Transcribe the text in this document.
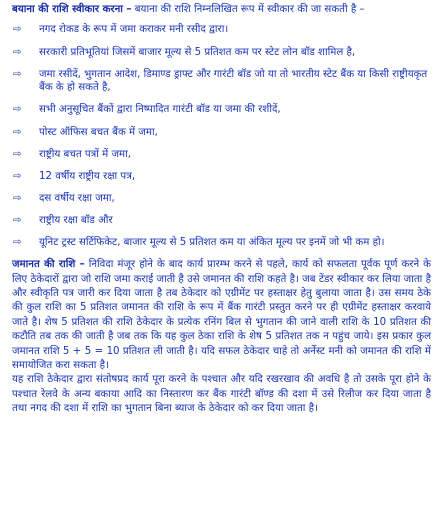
बयाना की राशि स्वीकार करना – बयाना की राशि निम्नलिखित रूप में स्वीकार की जा सकती है –

⇨ नगद रोकड के रूप में जमा कराकर मनी रसीद द्वारा।
⇨ सरकारी प्रतिभूतियां जिसमें बाजार मूल्य से 5 प्रतिशत कम पर स्टेट लोन बॉड शामिल है,
⇨ जमा रसीदें, भुगतान आदेश, डिमाण्ड ड्राफ्ट और गारंटी बॉड जो या तो भारतीय स्टेट बैंक या किसी राष्ट्रीयकृत बैंक के हो सकते है,
⇨ सभी अनुसूचित बैंकों द्वारा निष्पादित गारंटी बॉड या जमा की रशीदें,
⇨ पोस्ट ऑफिस बचत बैंक में जमा,
⇨ राष्ट्रीय बचत पत्रों में जमा,
⇨ 12 वर्षीय राष्ट्रीय रक्षा पत्र,
⇨ दस वर्षीय रक्षा जमा,
⇨ राष्ट्रीय रक्षा बॉड और
⇨ यूनिट ट्रस्ट सर्टिफिकेट, बाजार मूल्य से 5 प्रतिशत कम या अंकित मूल्य पर इनमें जो भी कम हो।

जमानत की राशि – निविदा मंजूर होने के बाद कार्य प्रारम्भ करने से पहले, कार्य को सफलता पूर्वक पूर्ण करने के लिए ठेकेदारों द्वारा जो राशि जमा कराई जाती है उसे जमानत की राशि कहते है। जब टेंडर स्वीकार कर लिया जाता है और स्वीकृति पत्र जारी कर दिया जाता है तब ठेकेदार को एग्रीमेंट पर हस्ताक्षर हेतु बुलाया जाता है। उस समय ठेके की कुल राशि का 5 प्रतिशत जमानत की राशि के रूप में बैंक गारंटी प्रस्तुत करने पर ही एग्रीमेंट हस्ताक्षर करवाये जाते है। शेष 5 प्रतिशत की राशि ठेकेदार के प्रत्येक रनिंग बिल से भुगतान की जाने वाली राशि के 10 प्रतिशत की कटौति तब तक की जाती है जब तक कि यह कुल ठेका राशि के शेष 5 प्रतिशत तक न पहुंच जाये। इस प्रकार कुल जमानत राशि 5 + 5 = 10 प्रतिशत ली जाती है। यदि सफल ठेकेदार चाहे तो अर्नेस्ट मनी को जमानत की राशि में समायोजित करा सकता है।

यह राशि ठेकेदार द्वारा संतोषप्रद कार्य पूरा करने के पश्चात और यदि रखरखाव की अवधि है तो उसके पूरा होने के पश्चात रेलवे के अन्य बकाया आदि का निस्तारण कर बैंक गारंटी बॉण्ड की दशा में उसे रिलीज कर दिया जाता है तथा नगद की दशा में राशि का भुगतान बिना ब्याज के ठेकेदार को कर दिया जाता है।
